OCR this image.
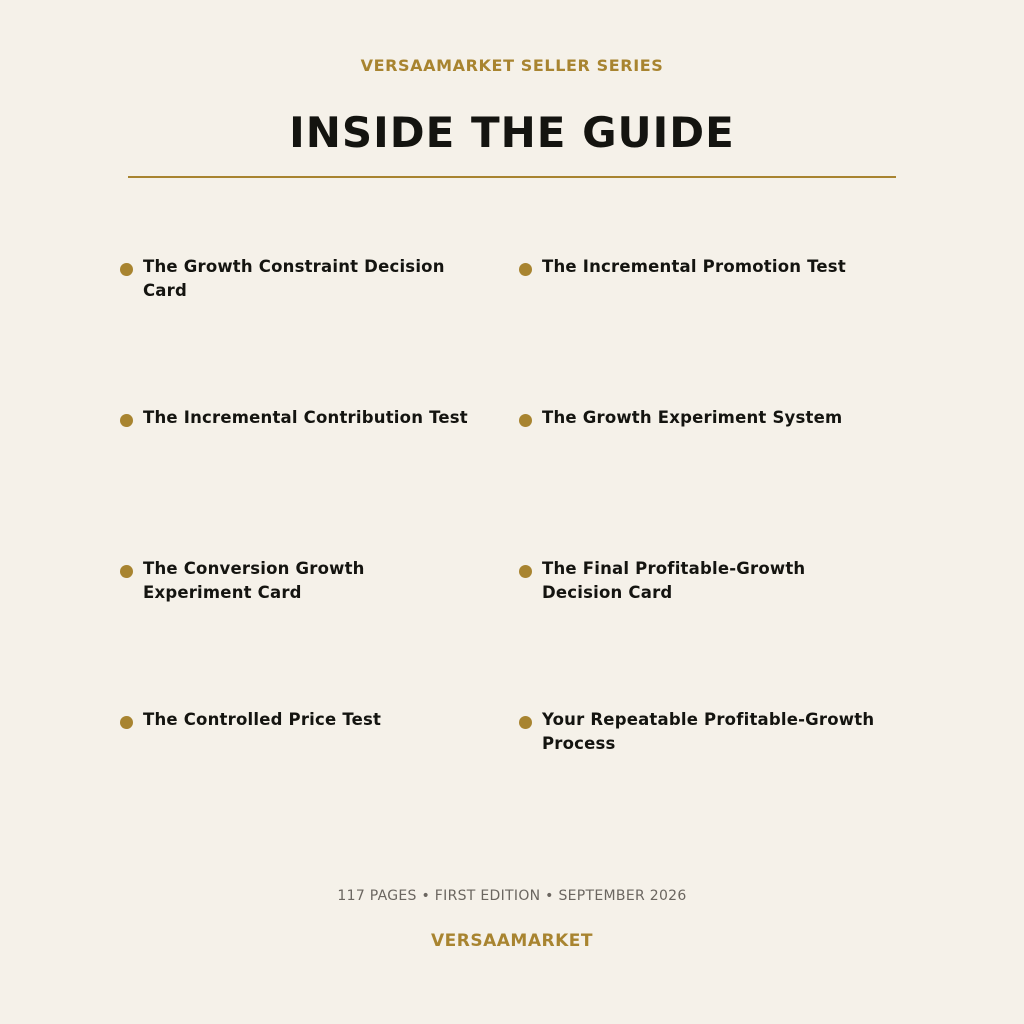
VERSAAMARKET SELLER SERIES
INSIDE THE GUIDE
The Growth Constraint Decision Card
The Incremental Promotion Test
The Incremental Contribution Test	The Growth Experiment System
The Conversion Growth Experiment Card
The Final Profitable-Growth Decision Card
The Controlled Price Test	Your Repeatable Profitable-Growth Process
117 PAGES • FIRST EDITION • SEPTEMBER 2026
VERSAAMARKET
